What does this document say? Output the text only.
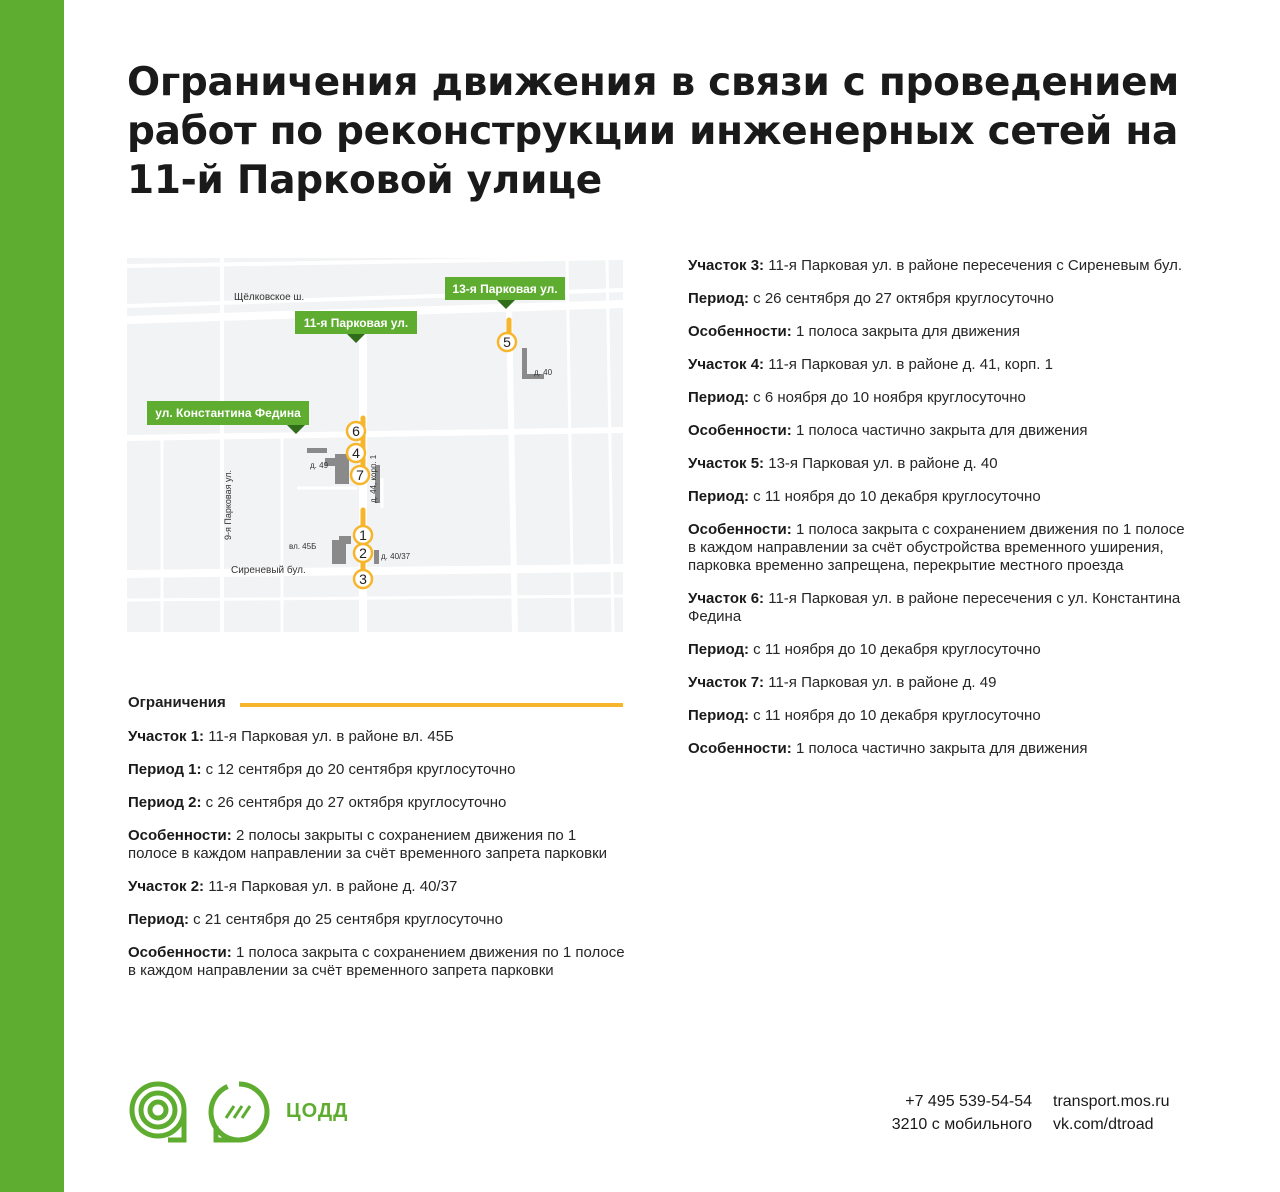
Ограничения движения в связи с проведением работ по реконструкции инженерных сетей на 11-й Парковой улице
6
4
7
1
2
3
5
13-я Парковая ул.
11-я Парковая ул.
ул. Константина Федина
Щёлковское ш.
Сиреневый бул.
9-я Парковая ул.
д. 40
д. 49	д. 44, корп. 1
вл. 45Б
д. 40/37
Ограничения

Участок 1: 11-я Парковая ул. в районе вл. 45Б

Период 1: с 12 сентября до 20 сентября круглосуточно

Период 2: с 26 сентября до 27 октября круглосуточно

Особенности: 2 полосы закрыты с сохранением движения по 1 полосе в каждом направлении за счёт временного запрета парковки

Участок 2: 11-я Парковая ул. в районе д. 40/37

Период: с 21 сентября до 25 сентября круглосуточно

Особенности: 1 полоса закрыта с сохранением движения по 1 полосе в каждом направлении за счёт временного запрета парковки

Участок 3: 11-я Парковая ул. в районе пересечения с Сиреневым бул.

Период: с 26 сентября до 27 октября круглосуточно

Особенности: 1 полоса закрыта для движения

Участок 4: 11-я Парковая ул. в районе д. 41, корп. 1

Период: с 6 ноября до 10 ноября круглосуточно

Особенности: 1 полоса частично закрыта для движения

Участок 5: 13-я Парковая ул. в районе д. 40

Период: с 11 ноября до 10 декабря круглосуточно

Особенности: 1 полоса закрыта с сохранением движения по 1 полосе в каждом направлении за счёт обустройства временного уширения, парковка временно запрещена, перекрытие местного проезда

Участок 6: 11-я Парковая ул. в районе пересечения с ул. Константина Федина

Период: с 11 ноября до 10 декабря круглосуточно

Участок 7: 11-я Парковая ул. в районе д. 49

Период: с 11 ноября до 10 декабря круглосуточно

Особенности: 1 полоса частично закрыта для движения

ЦОДД	+7 495 539-54-54
3210 с мобильного
transport.mos.ru
vk.com/dtroad
